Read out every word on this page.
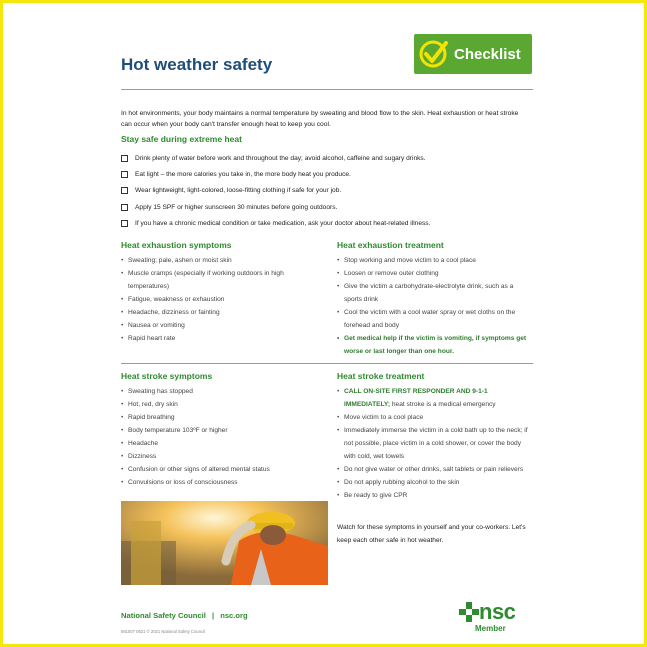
Hot weather safety
Checklist

In hot environments, your body maintains a normal temperature by sweating and blood flow to the skin. Heat exhaustion or heat stroke can occur when your body can't transfer enough heat to keep you cool.

Stay safe during extreme heat
Drink plenty of water before work and throughout the day; avoid alcohol, caffeine and sugary drinks.
Eat light – the more calories you take in, the more body heat you produce.
Wear lightweight, light-colored, loose-fitting clothing if safe for your job.
Apply 15 SPF or higher sunscreen 30 minutes before going outdoors.
If you have a chronic medical condition or take medication, ask your doctor about heat-related illness.
Heat exhaustion symptoms
• Sweating; pale, ashen or moist skin
• Muscle cramps (especially if working outdoors in high temperatures)
• Fatigue, weakness or exhaustion
• Headache, dizziness or fainting
• Nausea or vomiting
• Rapid heart rate
Heat exhaustion treatment
• Stop working and move victim to a cool place
• Loosen or remove outer clothing
• Give the victim a carbohydrate-electrolyte drink, such as a sports drink
• Cool the victim with a cool water spray or wet cloths on the forehead and body
• Get medical help if the victim is vomiting, if symptoms get worse or last longer than one hour.
Heat stroke symptoms
• Sweating has stopped
• Hot, red, dry skin
• Rapid breathing
• Body temperature 103ºF or higher
• Headache
• Dizziness
• Confusion or other signs of altered mental status
• Convulsions or loss of consciousness
Heat stroke treatment
• CALL ON-SITE FIRST RESPONDER AND 9-1-1 IMMEDIATELY; heat stroke is a medical emergency
• Move victim to a cool place
• Immediately immerse the victim in a cold bath up to the neck; if not possible, place victim in a cold shower, or cover the body with cold, wet towels
• Do not give water or other drinks, salt tablets or pain relievers
• Do not apply rubbing alcohol to the skin
• Be ready to give CPR

Watch for these symptoms in yourself and your co-workers. Let's keep each other safe in hot weather.

National Safety Council | nsc.org
681507 0621 © 2021 National Safety Council
nsc
Member
